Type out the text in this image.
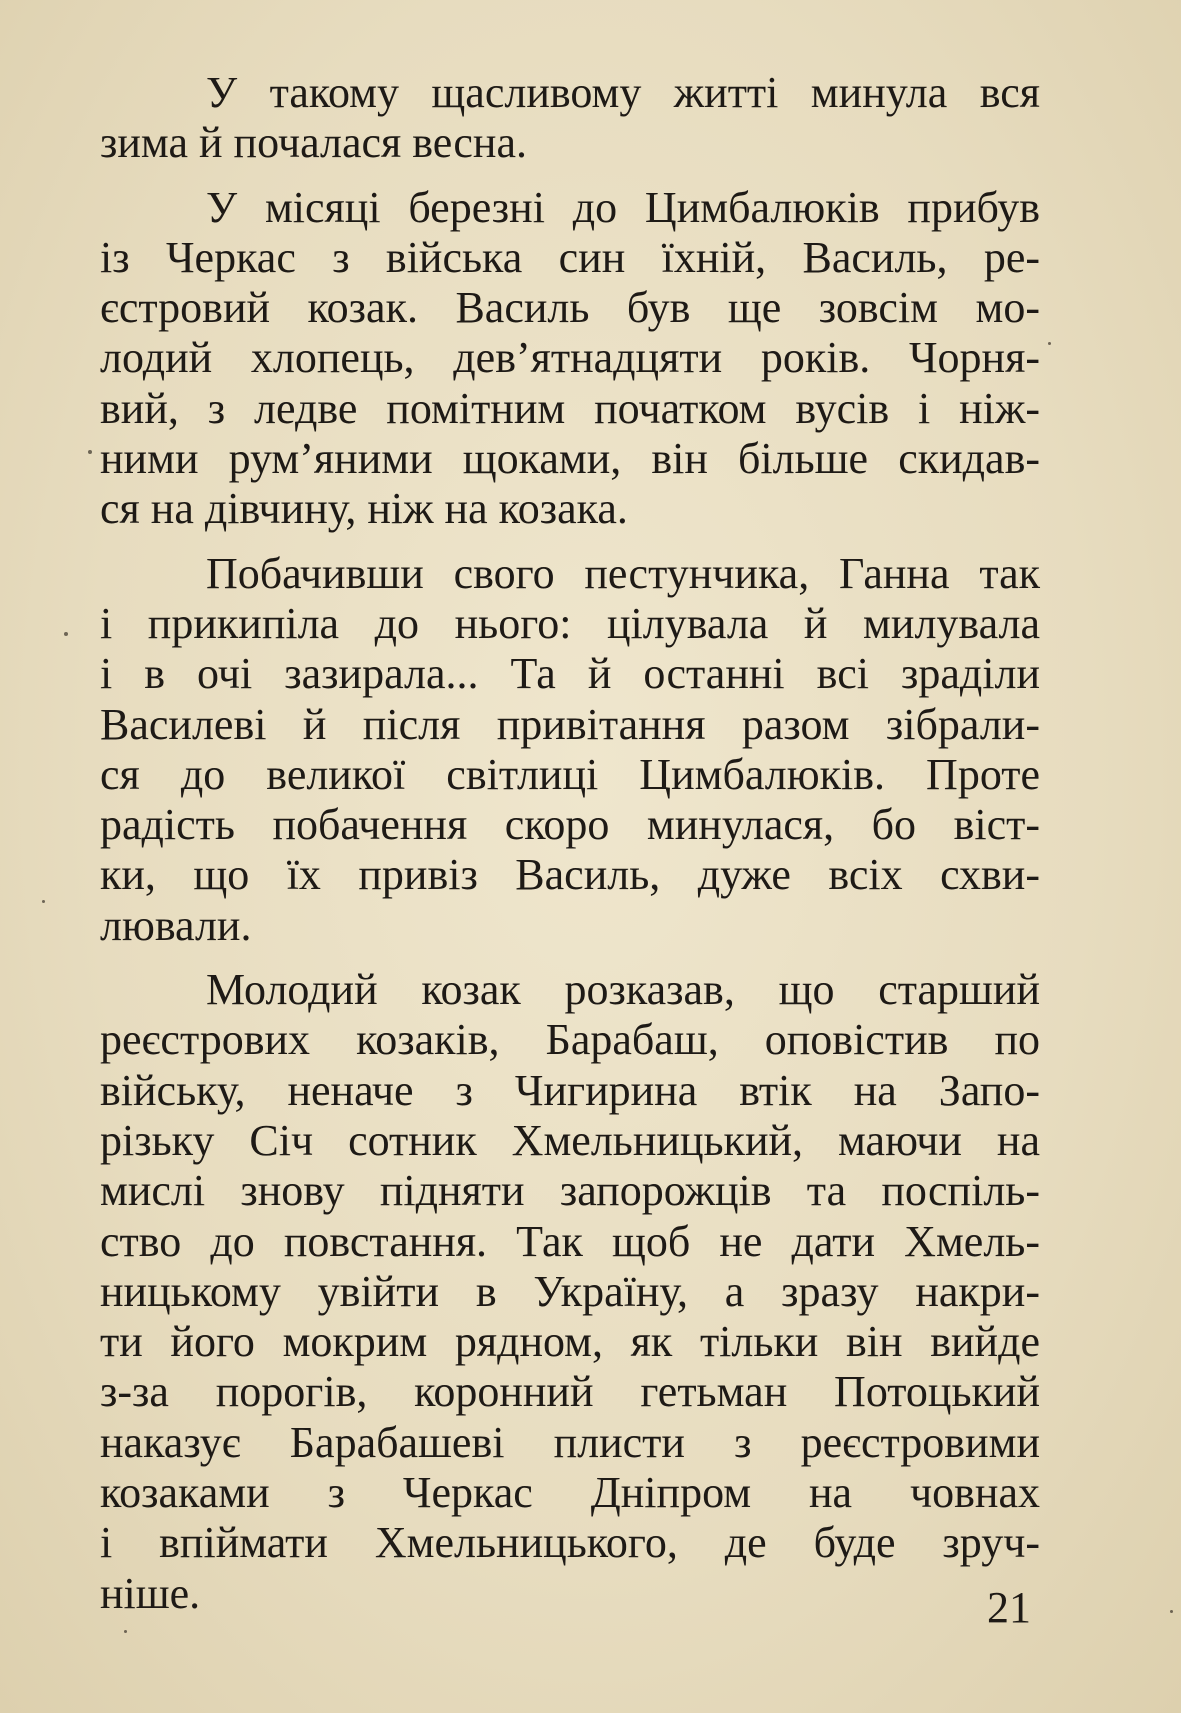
У такому щасливому житті минула вся
зима й почалася весна.
У місяці березні до Цимбалюків прибув
із Черкас з війська син їхній, Василь, ре-
єстровий козак. Василь був ще зовсім мо-
лодий хлопець, дев’ятнадцяти років. Чорня-
вий, з ледве помітним початком вусів і ніж-
ними рум’яними щоками, він більше скидав-
ся на дівчину, ніж на козака.
Побачивши свого пестунчика, Ганна так
і прикипіла до нього: цілувала й милувала
і в очі зазирала... Та й останні всі зраділи
Василеві й після привітання разом зібрали-
ся до великої світлиці Цимбалюків. Проте
радість побачення скоро минулася, бо віст-
ки, що їх привіз Василь, дуже всіх схви-
лювали.
Молодий козак розказав, що старший
реєстрових козаків, Барабаш, оповістив по
війську, неначе з Чигирина втік на Запо-
різьку Січ сотник Хмельницький, маючи на
мислі знову підняти запорожців та поспіль-
ство до повстання. Так щоб не дати Хмель-
ницькому увійти в Україну, а зразу накри-
ти його мокрим рядном, як тільки він вийде
з-за порогів, коронний гетьман Потоцький
наказує Барабашеві плисти з реєстровими
козаками з Черкас Дніпром на човнах
і впіймати Хмельницького, де буде зруч-
ніше.	21
